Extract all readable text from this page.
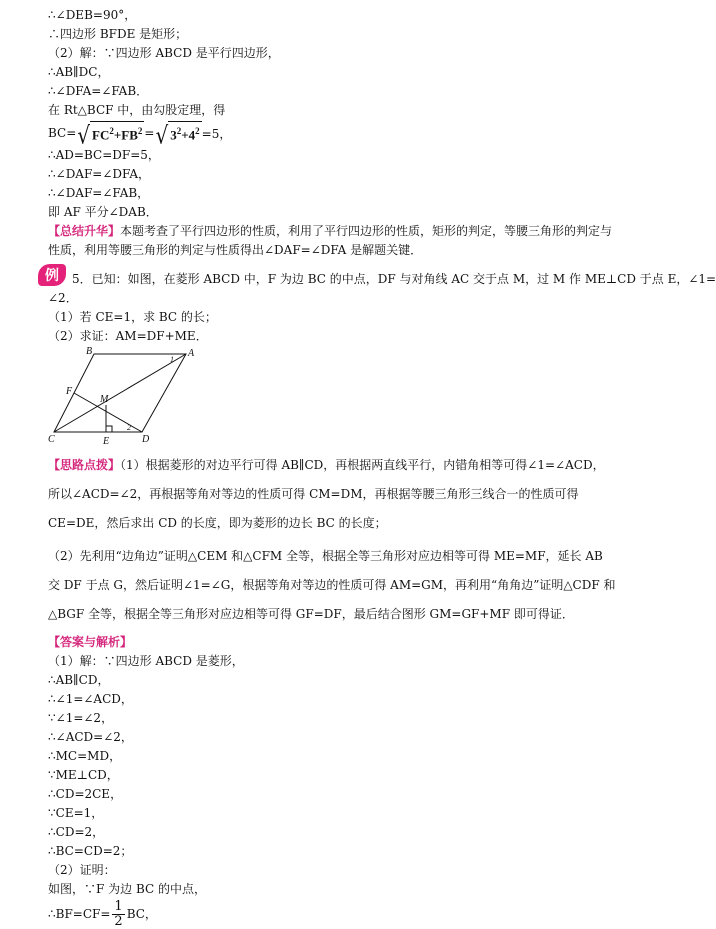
∴∠DEB=90°，
∴四边形 BFDE 是矩形；
（2）解：∵四边形 ABCD 是平行四边形，
∴AB∥DC，
∴∠DFA=∠FAB．
在 Rt△BCF 中，由勾股定理，得
BC= √ $FC^2+FB^2$ = √ $3^2+4^2 =5$，
∴AD=BC=DF=5，
∴∠DAF=∠DFA，
∴∠DAF=∠FAB，
即 AF 平分∠DAB．
【总结升华】本题考查了平行四边形的性质，利用了平行四边形的性质，矩形的判定，等腰三角形的判定与性质，利用等腰三角形的判定与性质得出∠DAF=∠DFA 是解题关键．
例	5．已知：如图，在菱形 ABCD 中，F 为边 BC 的中点，DF 与对角线 AC 交于点 M，过 M 作 ME⊥CD 于点 E，∠1=
∠2．
（1）若 CE=1，求 BC 的长；
（2）求证：AM=DF+ME．
B	A
C	D
E
F
M
1
2
【思路点拨】（1）根据菱形的对边平行可得 AB∥CD，再根据两直线平行，内错角相等可得∠1=∠ACD，所以∠ACD=∠2，再根据等角对等边的性质可得 CM=DM，再根据等腰三角形三线合一的性质可得 CE=DE，然后求出 CD 的长度，即为菱形的边长 BC 的长度；
（2）先利用“边角边”证明△CEM 和△CFM 全等，根据全等三角形对应边相等可得 ME=MF，延长 AB 交 DF 于点 G，然后证明∠1=∠G，根据等角对等边的性质可得 AM=GM，再利用“角角边”证明△CDF 和△BGF 全等，根据全等三角形对应边相等可得 GF=DF，最后结合图形 GM=GF+MF 即可得证．
【答案与解析】
（1）解：∵四边形 ABCD 是菱形，
∴AB∥CD，
∴∠1=∠ACD，
∵∠1=∠2，
∴∠ACD=∠2，
∴MC=MD，
∵ME⊥CD，
∴CD=2CE，
∵CE=1，
∴CD=2，
∴BC=CD=2；
（2）证明：
如图，∵F 为边 BC 的中点，
∴BF=CF= $\frac{1}{2}$ BC，
